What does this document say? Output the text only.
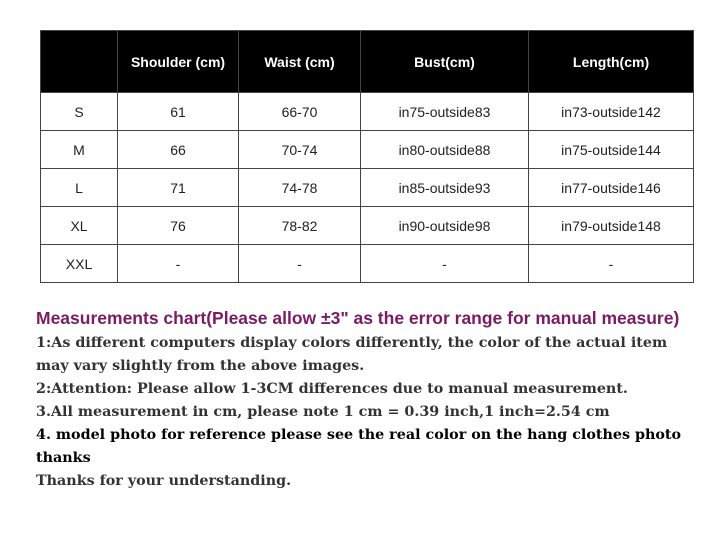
	Shoulder (cm)	Waist (cm)	Bust(cm)	Length(cm)
S	61	66-70	in75-outside83	in73-outside142
M	66	70-74	in80-outside88	in75-outside144
L	71	74-78	in85-outside93	in77-outside146
XL	76	78-82	in90-outside98	in79-outside148
XXL	-	-	-	-

Measurements chart(Please allow ±3" as the error range for manual measure)

1:As different computers display colors differently, the color of the actual item may vary slightly from the above images.

2:Attention: Please allow 1-3CM differences due to manual measurement.

3.All measurement in cm, please note 1 cm = 0.39 inch,1 inch=2.54 cm

4. model photo for reference please see the real color on the hang clothes photo thanks

Thanks for your understanding.
